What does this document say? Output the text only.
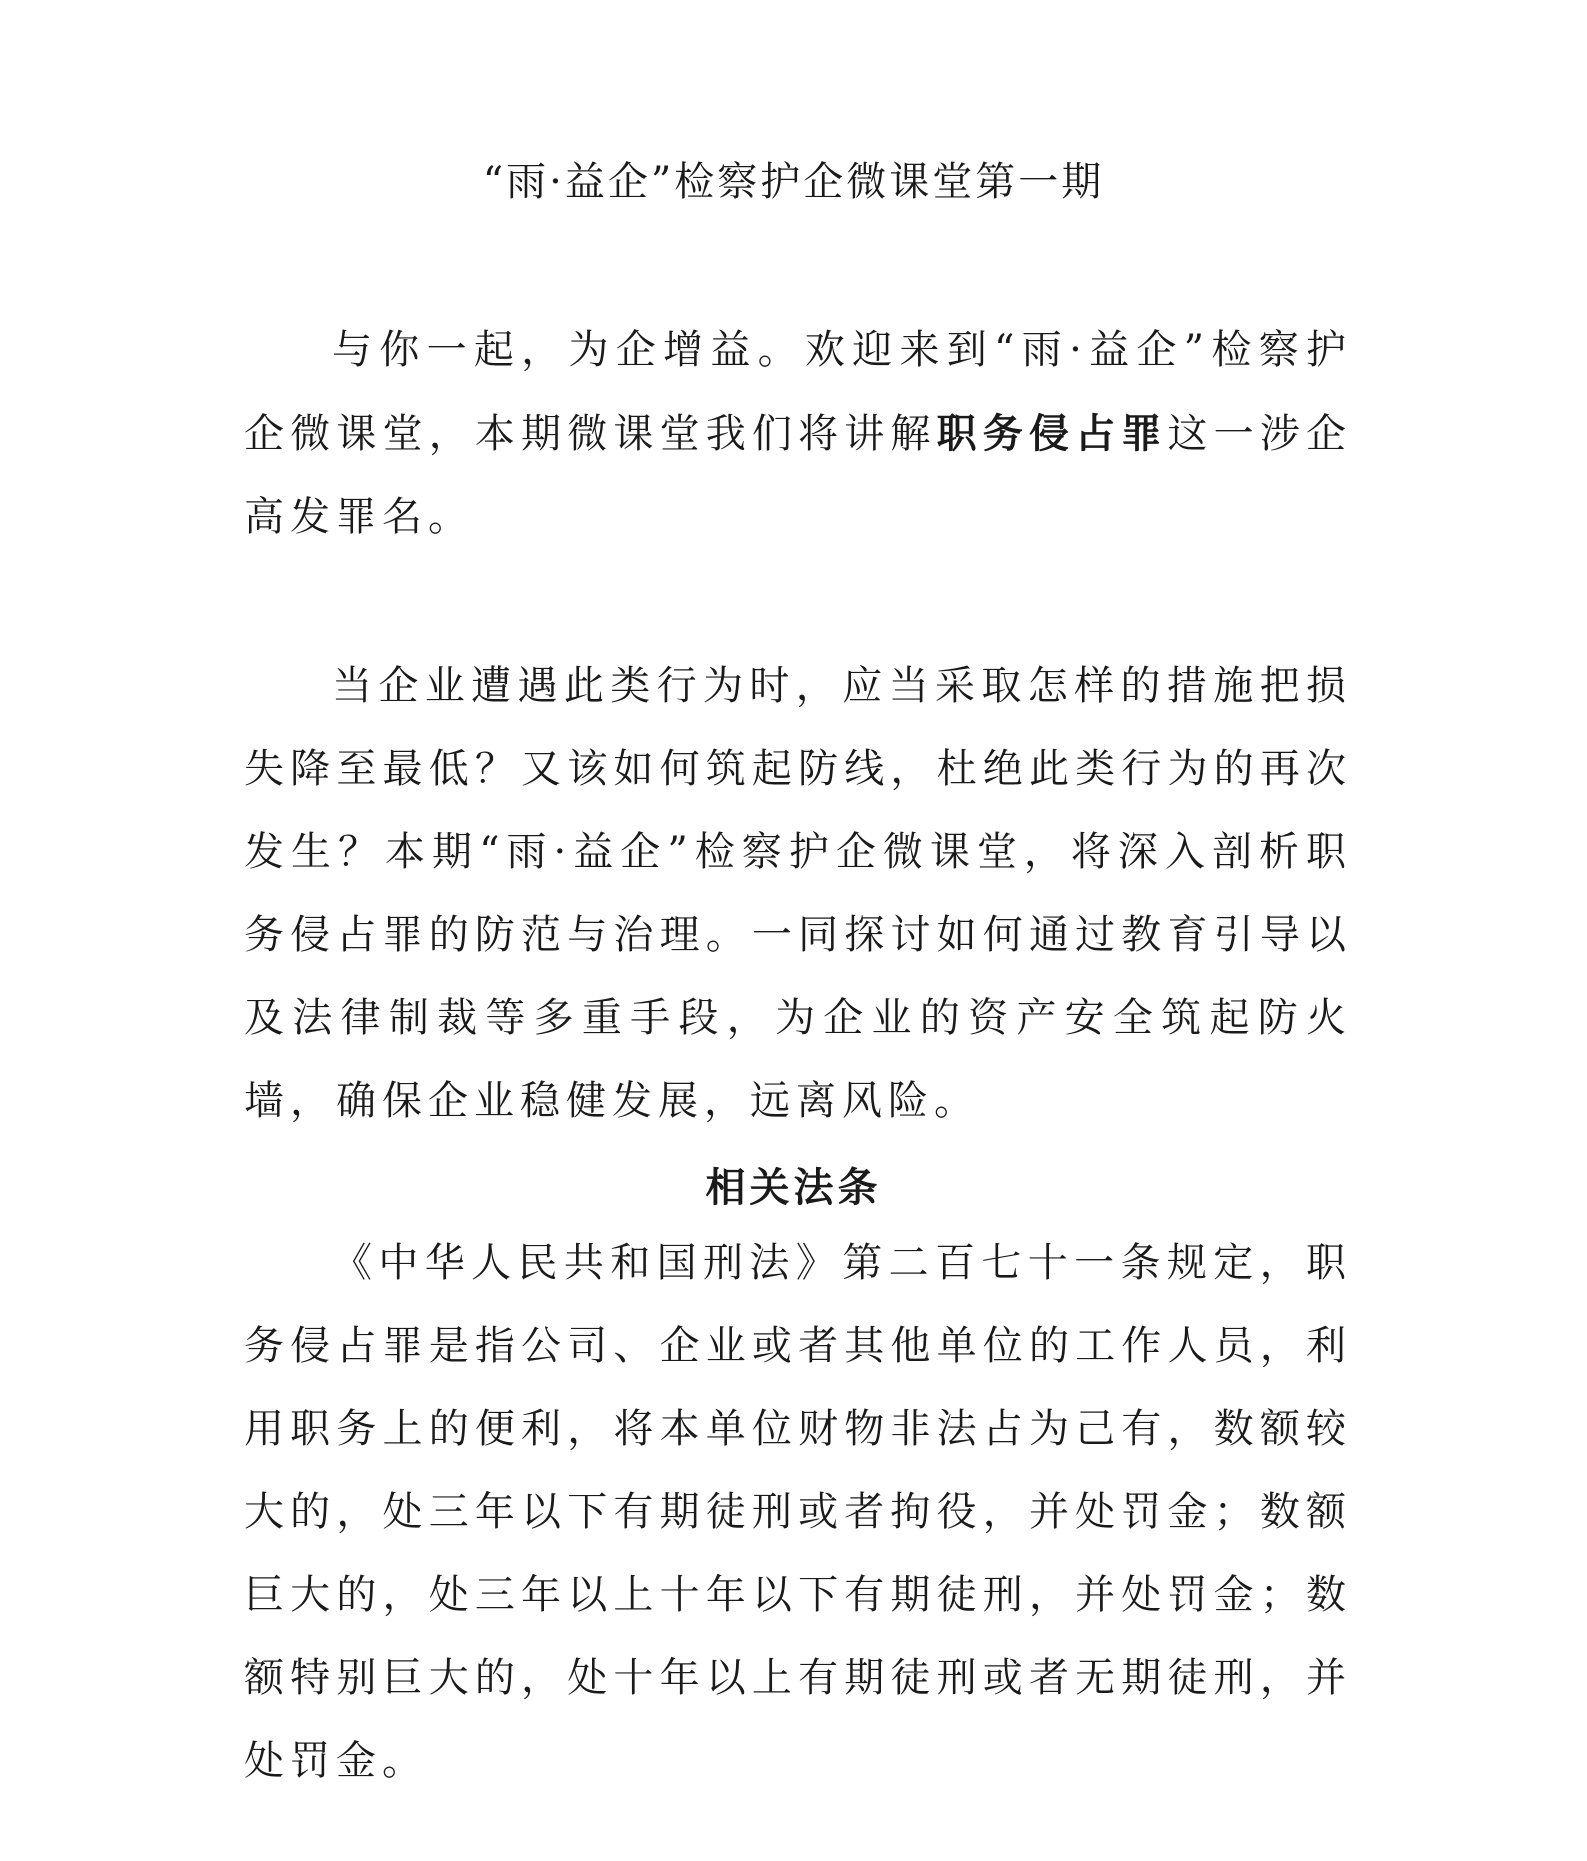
“雨·益企”检察护企微课堂第一期

与你一起，为企增益。欢迎来到“雨·益企”检察护企微课堂，本期微课堂我们将讲解职务侵占罪这一涉企高发罪名。

当企业遭遇此类行为时，应当采取怎样的措施把损失降至最低？又该如何筑起防线，杜绝此类行为的再次发生？本期“雨·益企”检察护企微课堂，将深入剖析职务侵占罪的防范与治理。一同探讨如何通过教育引导以及法律制裁等多重手段，为企业的资产安全筑起防火墙，确保企业稳健发展，远离风险。

相关法条

《中华人民共和国刑法》第二百七十一条规定，职务侵占罪是指公司、企业或者其他单位的工作人员，利用职务上的便利，将本单位财物非法占为己有，数额较大的，处三年以下有期徒刑或者拘役，并处罚金；数额巨大的，处三年以上十年以下有期徒刑，并处罚金；数额特别巨大的，处十年以上有期徒刑或者无期徒刑，并处罚金。
